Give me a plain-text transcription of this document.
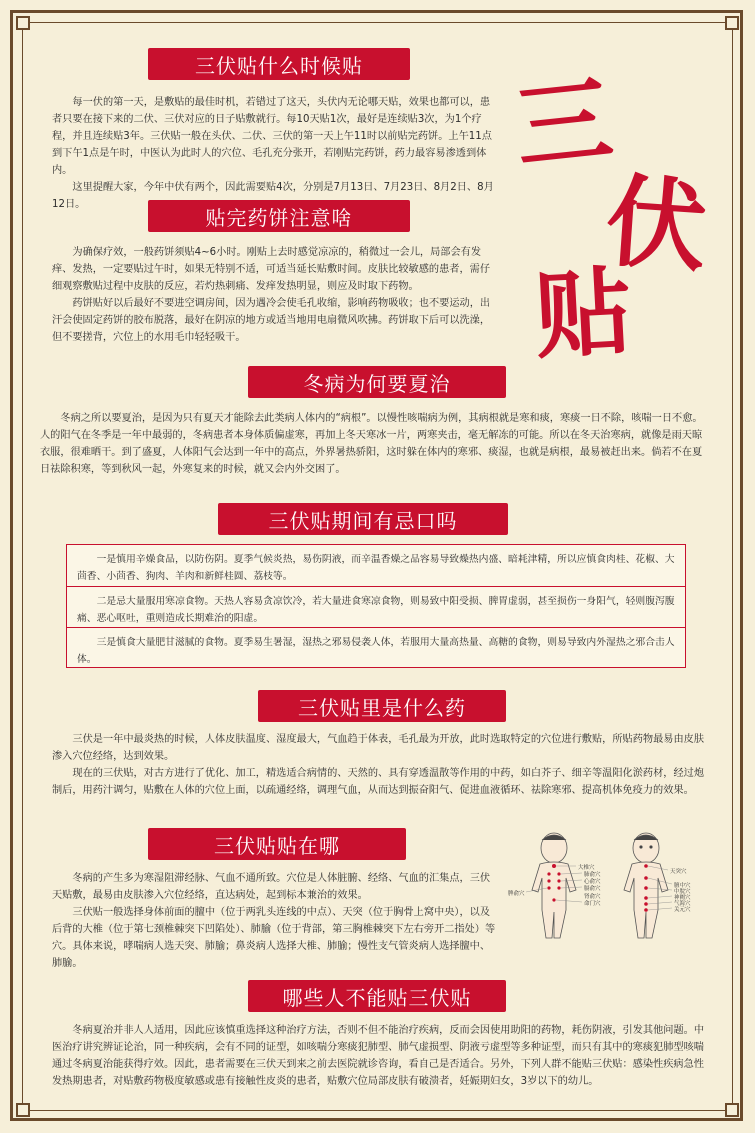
三
伏
贴
三伏贴什么时候贴

每一伏的第一天，是敷贴的最佳时机，若错过了这天，头伏内无论哪天贴，效果也都可以，患者只要在接下来的二伏、三伏对应的日子贴敷就行。每10天贴1次，最好是连续贴3次，为1个疗程，并且连续贴3年。三伏贴一般在头伏、二伏、三伏的第一天上午11时以前贴完药饼。上午11点到下午1点是午时，中医认为此时人的穴位、毛孔充分张开，若刚贴完药饼，药力最容易渗透到体内。

这里提醒大家，今年中伏有两个，因此需要贴4次，分别是7月13日、7月23日、8月2日、8月12日。

贴完药饼注意啥

为确保疗效，一般药饼须贴4~6小时。刚贴上去时感觉凉凉的，稍微过一会儿，局部会有发痒、发热，一定要贴过午时，如果无特别不适，可适当延长贴敷时间。皮肤比较敏感的患者，需仔细观察敷贴过程中皮肤的反应，若灼热刺痛、发痒发热明显，则应及时取下药物。

药饼贴好以后最好不要进空调房间，因为遇冷会使毛孔收缩，影响药物吸收；也不要运动，出汗会使固定药饼的胶布脱落，最好在阴凉的地方或适当地用电扇微风吹拂。药饼取下后可以洗澡，但不要搓背，穴位上的水用毛巾轻轻吸干。

冬病为何要夏治

冬病之所以要夏治，是因为只有夏天才能除去此类病人体内的“病根”。以慢性咳喘病为例，其病根就是寒和痰，寒痰一日不除，咳喘一日不愈。人的阳气在冬季是一年中最弱的，冬病患者本身体质偏虚寒，再加上冬天寒冰一片，两寒夹击，毫无解冻的可能。所以在冬天治寒病，就像是雨天晾衣服，很难晒干。到了盛夏，人体阳气会达到一年中的高点，外界暑热骄阳，这时躲在体内的寒邪、痰湿，也就是病根，最易被赶出来。倘若不在夏日祛除积寒，等到秋风一起，外寒复来的时候，就又会内外交困了。

三伏贴期间有忌口吗

一是慎用辛燥食品，以防伤阴。夏季气候炎热，易伤阴液，而辛温香燥之品容易导致燥热内盛、暗耗津精，所以应慎食肉桂、花椒、大茴香、小茴香、狗肉、羊肉和新鲜桂圆、荔枝等。

二是忌大量服用寒凉食物。天热人容易贪凉饮冷，若大量进食寒凉食物，则易致中阳受损、脾胃虚弱，甚至损伤一身阳气，轻则腹泻腹痛、恶心呕吐，重则造成长期难治的阳虚。

三是慎食大量肥甘滋腻的食物。夏季易生暑湿，湿热之邪易侵袭人体，若服用大量高热量、高糖的食物，则易导致内外湿热之邪合击人体。

三伏贴里是什么药

三伏是一年中最炎热的时候，人体皮肤温度、湿度最大，气血趋于体表，毛孔最为开放，此时选取特定的穴位进行敷贴，所贴药物最易由皮肤渗入穴位经络，达到效果。

现在的三伏贴，对古方进行了优化、加工，精选适合病情的、天然的、具有穿透温散等作用的中药，如白芥子、细辛等温阳化淤药材，经过炮制后，用药汁调匀，贴敷在人体的穴位上面，以疏通经络，调理气血，从而达到振奋阳气、促进血液循环、祛除寒邪、提高机体免疫力的效果。

三伏贴贴在哪

冬病的产生多为寒湿阻滞经脉、气血不通所致。穴位是人体脏腑、经络、气血的汇集点，三伏天贴敷，最易由皮肤渗入穴位经络，直达病处，起到标本兼治的效果。

三伏贴一般选择身体前面的膻中（位于两乳头连线的中点）、天突（位于胸骨上窝中央），以及后背的大椎（位于第七颈椎棘突下凹陷处）、肺腧（位于背部，第三胸椎棘突下左右旁开二指处）等穴。具体来说，哮喘病人选天突、肺腧；鼻炎病人选择大椎、肺腧；慢性支气管炎病人选择膻中、肺腧。

大椎穴
肺俞穴
心俞穴
膈俞穴
脾俞穴	肾俞穴
命门穴
天突穴
膻中穴
中脘穴
神阙穴
气海穴
关元穴
哪些人不能贴三伏贴

冬病夏治并非人人适用，因此应该慎重选择这种治疗方法，否则不但不能治疗疾病，反而会因使用助阳的药物，耗伤阴液，引发其他问题。中医治疗讲究辨证论治，同一种疾病，会有不同的证型，如咳喘分寒痰犯肺型、肺气虚损型、阴液亏虚型等多种证型，而只有其中的寒痰犯肺型咳喘通过冬病夏治能获得疗效。因此，患者需要在三伏天到来之前去医院就诊咨询，看自己是否适合。另外，下列人群不能贴三伏贴：感染性疾病急性发热期患者，对贴敷药物极度敏感或患有接触性皮炎的患者，贴敷穴位局部皮肤有破溃者，妊娠期妇女，3岁以下的幼儿。
